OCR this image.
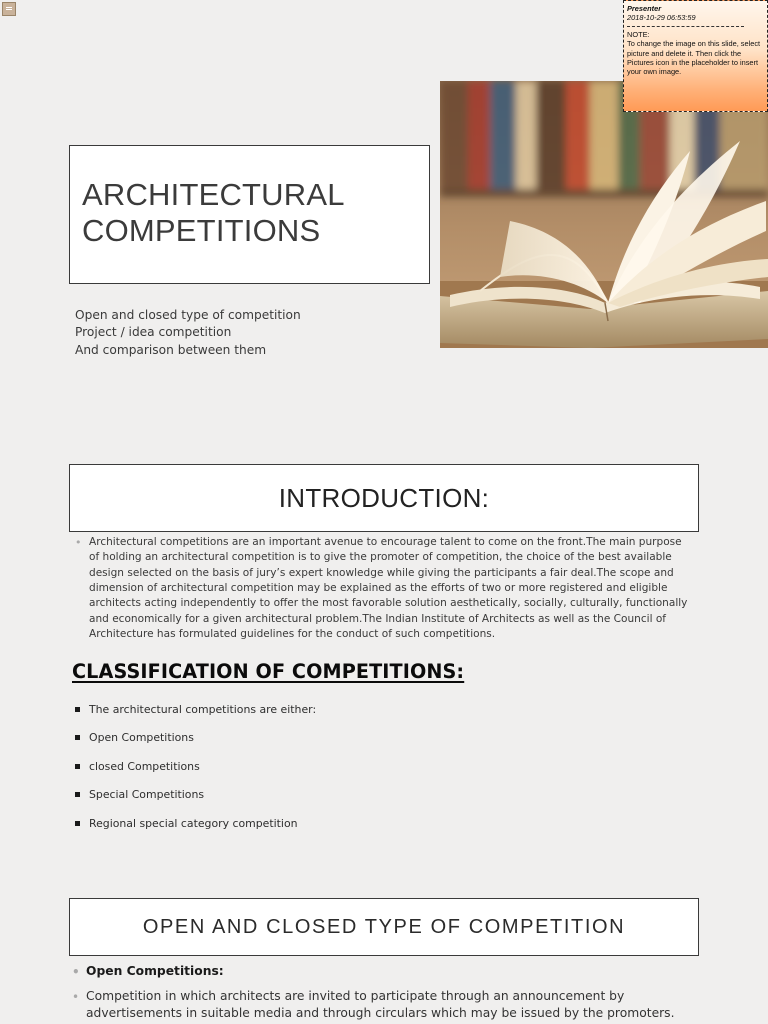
ARCHITECTURAL
COMPETITIONS
Open and closed type of competition
Project / idea competition
And comparison between them
Presenter
2018-10-29 06:53:59
NOTE:
To change the image on this slide, select picture and delete it. Then click the Pictures icon in the placeholder to insert your own image.
INTRODUCTION:
• Architectural competitions are an important avenue to encourage talent to come on the front.The main purpose of holding an architectural competition is to give the promoter of competition, the choice of the best available design selected on the basis of jury’s expert knowledge while giving the participants a fair deal.The scope and dimension of architectural competition may be explained as the efforts of two or more registered and eligible architects acting independently to offer the most favorable solution aesthetically, socially, culturally, functionally and economically for a given architectural problem.The Indian Institute of Architects as well as the Council of Architecture has formulated guidelines for the conduct of such competitions.
CLASSIFICATION OF COMPETITIONS:
The architectural competitions are either:
Open Competitions
closed Competitions
Special Competitions
Regional special category competition
OPEN AND CLOSED TYPE OF COMPETITION
• Open Competitions:
• Competition in which architects are invited to participate through an announcement by advertisements in suitable media and through circulars which may be issued by the promoters.
